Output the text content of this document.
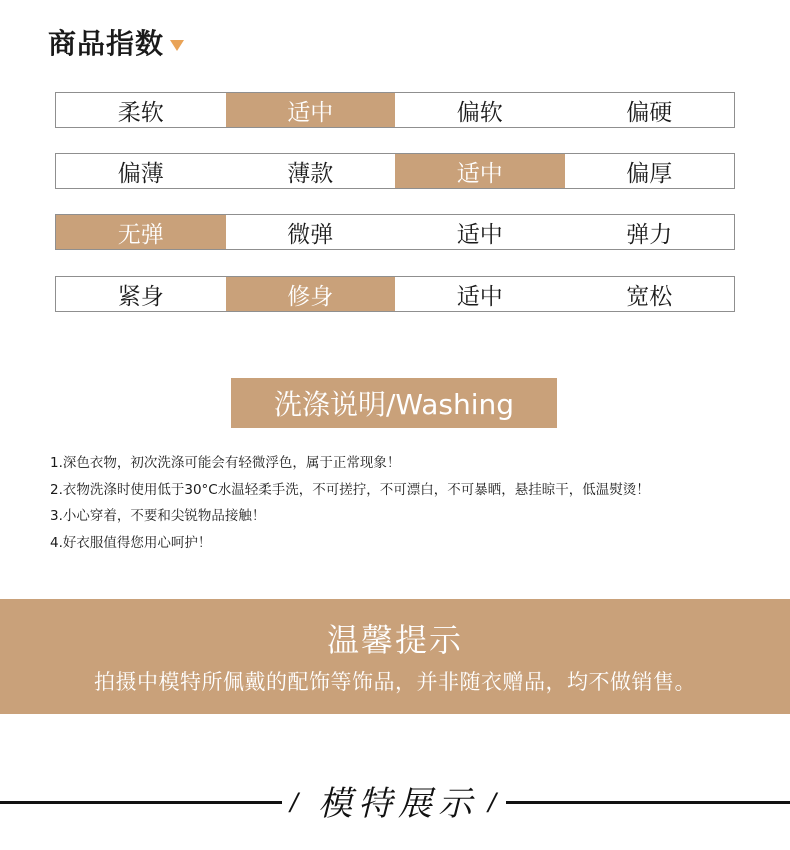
商品指数
柔软	适中	偏软	偏硬
偏薄	薄款	适中	偏厚
无弹	微弹	适中	弹力
紧身	修身	适中	宽松
洗涤说明/Washing
1.深色衣物，初次洗涤可能会有轻微浮色，属于正常现象！
2.衣物洗涤时使用低于30°C水温轻柔手洗，不可搓拧，不可漂白，不可暴晒，悬挂晾干，低温熨烫！
3.小心穿着，不要和尖锐物品接触！
4.好衣服值得您用心呵护！
温馨提示
拍摄中模特所佩戴的配饰等饰品，并非随衣赠品，均不做销售。
/ 模特展示 /
